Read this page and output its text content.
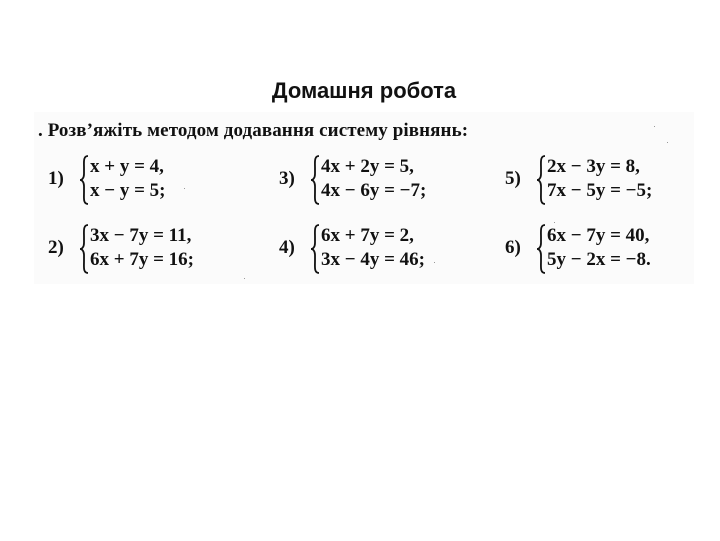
Домашня робота
. Розв’яжіть методом додавання систему рівнянь:
1)
x + y = 4,
x − y = 5;
2)
3x − 7y = 11,
6x + 7y = 16;
3)
4x + 2y = 5,
4x − 6y = −7;
4)
6x + 7y = 2,
3x − 4y = 46;
5)
2x − 3y = 8,
7x − 5y = −5;
6)
6x − 7y = 40,
5y − 2x = −8.
